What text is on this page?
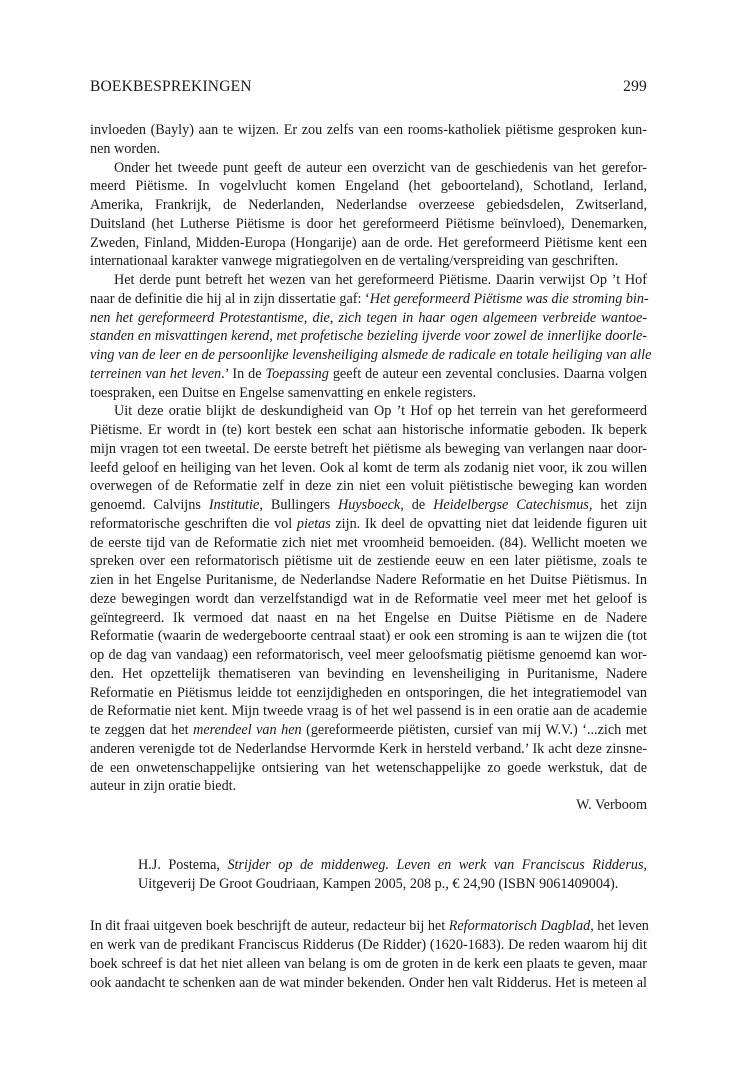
BOEKBESPREKINGEN	299
invloeden (Bayly) aan te wijzen. Er zou zelfs van een rooms-katholiek piëtisme gesproken kun-
nen worden.
Onder het tweede punt geeft de auteur een overzicht van de geschiedenis van het gerefor-
meerd Piëtisme. In vogelvlucht komen Engeland (het geboorteland), Schotland, Ierland,
Amerika, Frankrijk, de Nederlanden, Nederlandse overzeese gebiedsdelen, Zwitserland,
Duitsland (het Lutherse Piëtisme is door het gereformeerd Piëtisme beïnvloed), Denemarken,
Zweden, Finland, Midden-Europa (Hongarije) aan de orde. Het gereformeerd Piëtisme kent een
internationaal karakter vanwege migratiegolven en de vertaling/verspreiding van geschriften.
Het derde punt betreft het wezen van het gereformeerd Piëtisme. Daarin verwijst Op ’t Hof
naar de definitie die hij al in zijn dissertatie gaf: ‘Het gereformeerd Piëtisme was die stroming bin-
nen het gereformeerd Protestantisme, die, zich tegen in haar ogen algemeen verbreide wantoe-
standen en misvattingen kerend, met profetische bezieling ijverde voor zowel de innerlijke doorle-
ving van de leer en de persoonlijke levensheiliging alsmede de radicale en totale heiliging van alle
terreinen van het leven.’ In de Toepassing geeft de auteur een zevental conclusies. Daarna volgen
toespraken, een Duitse en Engelse samenvatting en enkele registers.
Uit deze oratie blijkt de deskundigheid van Op ’t Hof op het terrein van het gereformeerd
Piëtisme. Er wordt in (te) kort bestek een schat aan historische informatie geboden. Ik beperk
mijn vragen tot een tweetal. De eerste betreft het piëtisme als beweging van verlangen naar door-
leefd geloof en heiliging van het leven. Ook al komt de term als zodanig niet voor, ik zou willen
overwegen of de Reformatie zelf in deze zin niet een voluit piëtistische beweging kan worden
genoemd. Calvijns Institutie, Bullingers Huysboeck, de Heidelbergse Catechismus, het zijn
reformatorische geschriften die vol pietas zijn. Ik deel de opvatting niet dat leidende figuren uit
de eerste tijd van de Reformatie zich niet met vroomheid bemoeiden. (84). Wellicht moeten we
spreken over een reformatorisch piëtisme uit de zestiende eeuw en een later piëtisme, zoals te
zien in het Engelse Puritanisme, de Nederlandse Nadere Reformatie en het Duitse Piëtismus. In
deze bewegingen wordt dan verzelfstandigd wat in de Reformatie veel meer met het geloof is
geïntegreerd. Ik vermoed dat naast en na het Engelse en Duitse Piëtisme en de Nadere
Reformatie (waarin de wedergeboorte centraal staat) er ook een stroming is aan te wijzen die (tot
op de dag van vandaag) een reformatorisch, veel meer geloofsmatig piëtisme genoemd kan wor-
den. Het opzettelijk thematiseren van bevinding en levensheiliging in Puritanisme, Nadere
Reformatie en Piëtismus leidde tot eenzijdigheden en ontsporingen, die het integratiemodel van
de Reformatie niet kent. Mijn tweede vraag is of het wel passend is in een oratie aan de academie
te zeggen dat het merendeel van hen (gereformeerde piëtisten, cursief van mij W.V.) ‘...zich met
anderen verenigde tot de Nederlandse Hervormde Kerk in hersteld verband.’ Ik acht deze zinsne-
de een onwetenschappelijke ontsiering van het wetenschappelijke zo goede werkstuk, dat de
auteur in zijn oratie biedt.
W. Verboom
H.J. Postema, Strijder op de middenweg. Leven en werk van Franciscus Ridderus,
Uitgeverij De Groot Goudriaan, Kampen 2005, 208 p., € 24,90 (ISBN 9061409004).
In dit fraai uitgeven boek beschrijft de auteur, redacteur bij het Reformatorisch Dagblad, het leven
en werk van de predikant Franciscus Ridderus (De Ridder) (1620-1683). De reden waarom hij dit
boek schreef is dat het niet alleen van belang is om de groten in de kerk een plaats te geven, maar
ook aandacht te schenken aan de wat minder bekenden. Onder hen valt Ridderus. Het is meteen al
